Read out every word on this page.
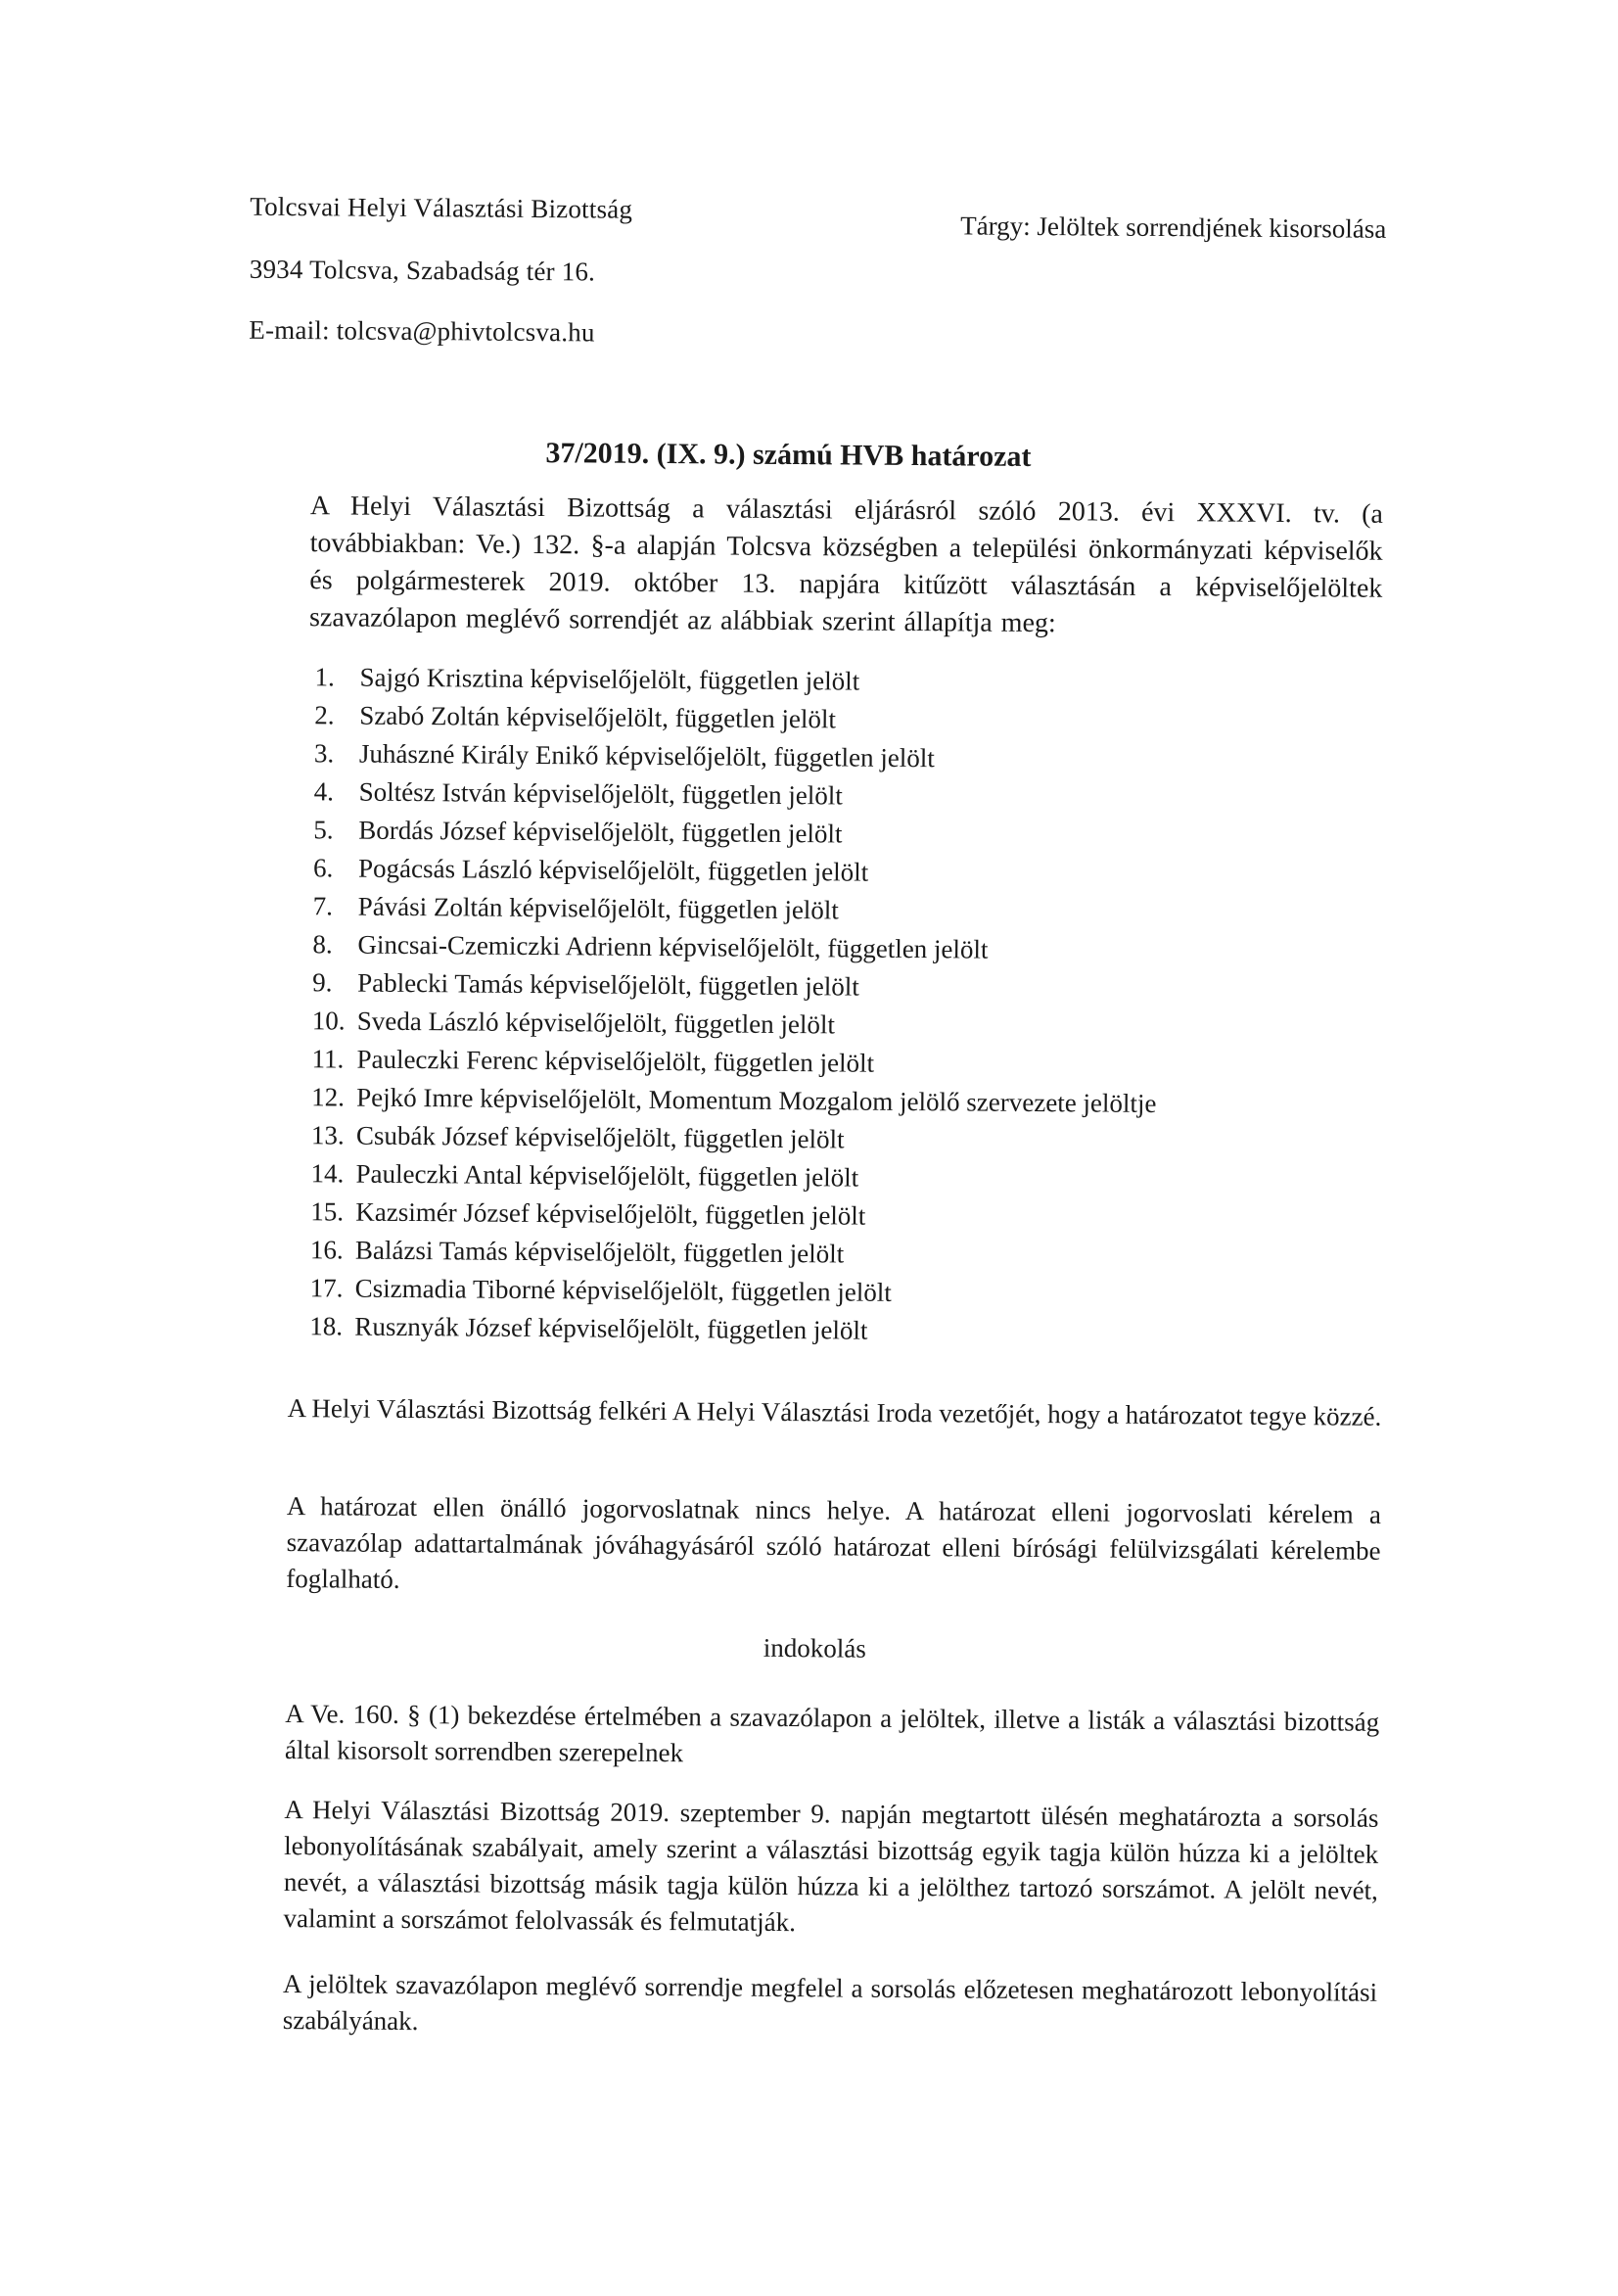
Tolcsvai Helyi Választási Bizottság
3934 Tolcsva, Szabadság tér 16.
E-mail: tolcsva@phivtolcsva.hu
Tárgy: Jelöltek sorrendjének kisorsolása
37/2019. (IX. 9.) számú HVB határozat
A Helyi Választási Bizottság a választási eljárásról szóló 2013. évi XXXVI. tv. (a továbbiakban: Ve.) 132. §-a alapján Tolcsva községben a települési önkormányzati képviselők és polgármesterek 2019. október 13. napjára kitűzött választásán a képviselőjelöltek szavazólapon meglévő sorrendjét az alábbiak szerint állapítja meg:
1. Sajgó Krisztina képviselőjelölt, független jelölt
2. Szabó Zoltán képviselőjelölt, független jelölt
3. Juhászné Király Enikő képviselőjelölt, független jelölt
4. Soltész István képviselőjelölt, független jelölt
5. Bordás József képviselőjelölt, független jelölt
6. Pogácsás László képviselőjelölt, független jelölt
7. Pávási Zoltán képviselőjelölt, független jelölt
8. Gincsai-Czemiczki Adrienn képviselőjelölt, független jelölt
9. Pablecki Tamás képviselőjelölt, független jelölt
10. Sveda László képviselőjelölt, független jelölt
11. Pauleczki Ferenc képviselőjelölt, független jelölt
12. Pejkó Imre képviselőjelölt, Momentum Mozgalom jelölő szervezete jelöltje
13. Csubák József képviselőjelölt, független jelölt
14. Pauleczki Antal képviselőjelölt, független jelölt
15. Kazsimér József képviselőjelölt, független jelölt
16. Balázsi Tamás képviselőjelölt, független jelölt
17. Csizmadia Tiborné képviselőjelölt, független jelölt
18. Rusznyák József képviselőjelölt, független jelölt
A Helyi Választási Bizottság felkéri A Helyi Választási Iroda vezetőjét, hogy a határozatot tegye közzé.
A határozat ellen önálló jogorvoslatnak nincs helye. A határozat elleni jogorvoslati kérelem a szavazólap adattartalmának jóváhagyásáról szóló határozat elleni bírósági felülvizsgálati kérelembe foglalható.
indokolás
A Ve. 160. § (1) bekezdése értelmében a szavazólapon a jelöltek, illetve a listák a választási bizottság által kisorsolt sorrendben szerepelnek
A Helyi Választási Bizottság 2019. szeptember 9. napján megtartott ülésén meghatározta a sorsolás lebonyolításának szabályait, amely szerint a választási bizottság egyik tagja külön húzza ki a jelöltek nevét, a választási bizottság másik tagja külön húzza ki a jelölthez tartozó sorszámot. A jelölt nevét, valamint a sorszámot felolvassák és felmutatják.
A jelöltek szavazólapon meglévő sorrendje megfelel a sorsolás előzetesen meghatározott lebonyolítási szabályának.
